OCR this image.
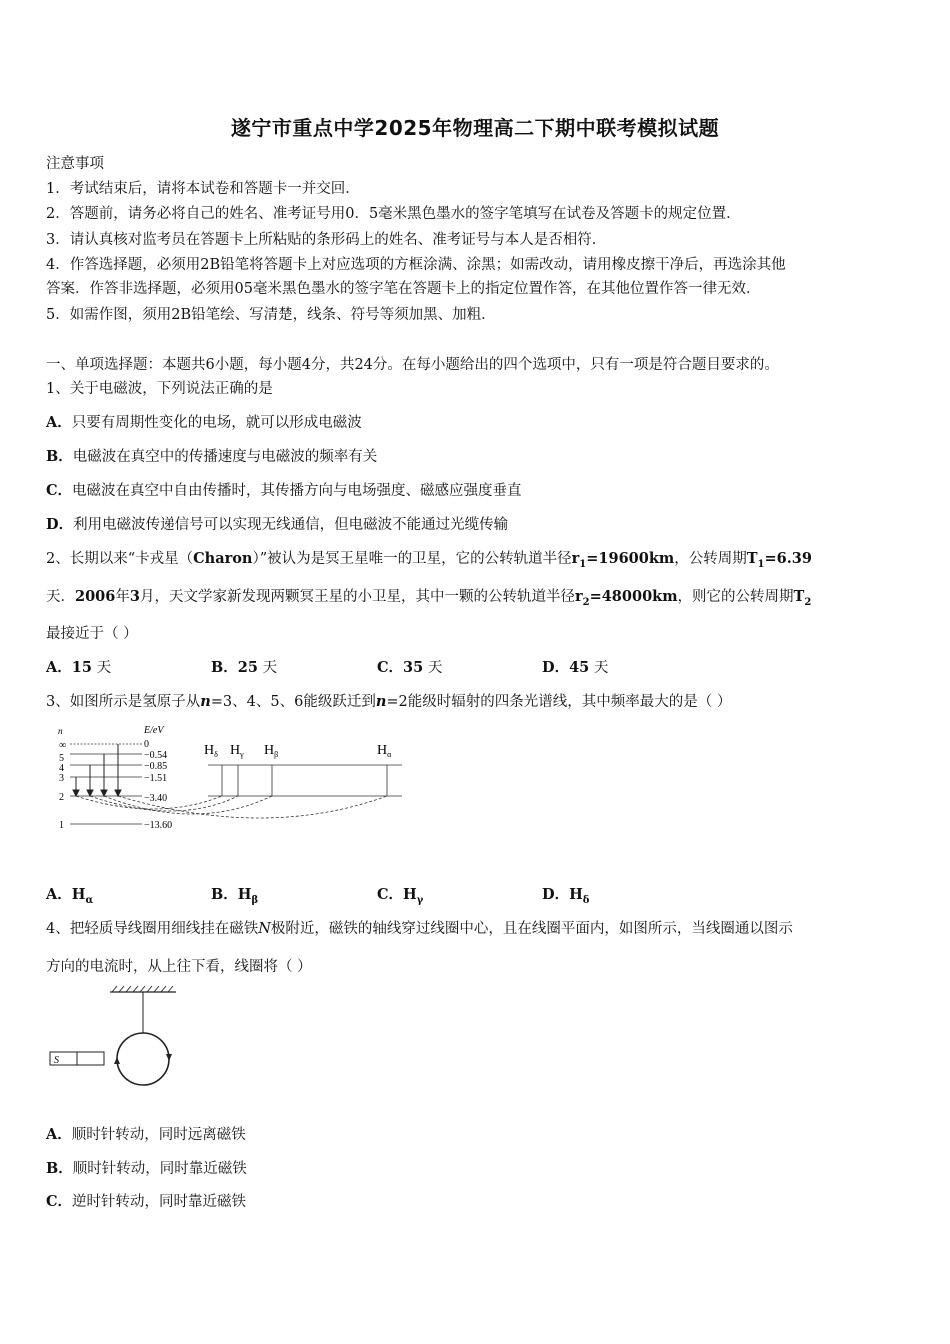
遂宁市重点中学2025年物理高二下期中联考模拟试题
注意事项
1．考试结束后，请将本试卷和答题卡一并交回．
2．答题前，请务必将自己的姓名、准考证号用0．5毫米黑色墨水的签字笔填写在试卷及答题卡的规定位置．
3．请认真核对监考员在答题卡上所粘贴的条形码上的姓名、准考证号与本人是否相符．
4．作答选择题，必须用2B铅笔将答题卡上对应选项的方框涂满、涂黑；如需改动，请用橡皮擦干净后，再选涂其他
答案．作答非选择题，必须用05毫米黑色墨水的签字笔在答题卡上的指定位置作答，在其他位置作答一律无效．
5．如需作图，须用2B铅笔绘、写清楚，线条、符号等须加黑、加粗．
一、单项选择题：本题共6小题，每小题4分，共24分。在每小题给出的四个选项中，只有一项是符合题目要求的。
1、关于电磁波，下列说法正确的是
A．只要有周期性变化的电场，就可以形成电磁波
B．电磁波在真空中的传播速度与电磁波的频率有关
C．电磁波在真空中自由传播时，其传播方向与电场强度、磁感应强度垂直
D．利用电磁波传递信号可以实现无线通信，但电磁波不能通过光缆传输
2、长期以来“卡戎星（Charon）”被认为是冥王星唯一的卫星，它的公转轨道半径$r_1=19600km$，公转周期$T_1=6.39$
天．2006年3月，天文学家新发现两颗冥王星的小卫星，其中一颗的公转轨道半径$r_2=48000km$，则它的公转周期$T_2$
最接近于（ ）
A．15 天	B．25 天	C．35 天	D．45 天
3、如图所示是氢原子从n=3、4、5、6能级跃迁到n=2能级时辐射的四条光谱线，其中频率最大的是（ ）
n	E/eV
∞
5
4
3
2
1
0
−0.54
−0.85
−1.51
−3.40
−13.60
$H_\delta$ $H_\gamma$ $H_\beta$	$H_\alpha$
A．$H_\alpha$	B．$H_\beta$	C．$H_\gamma$	D．$H_\delta$
4、把轻质导线圈用细线挂在磁铁N极附近，磁铁的轴线穿过线圈中心，且在线圈平面内，如图所示，当线圈通以图示
方向的电流时，从上往下看，线圈将（ ）
S
A．顺时针转动，同时远离磁铁
B．顺时针转动，同时靠近磁铁
C．逆时针转动，同时靠近磁铁
